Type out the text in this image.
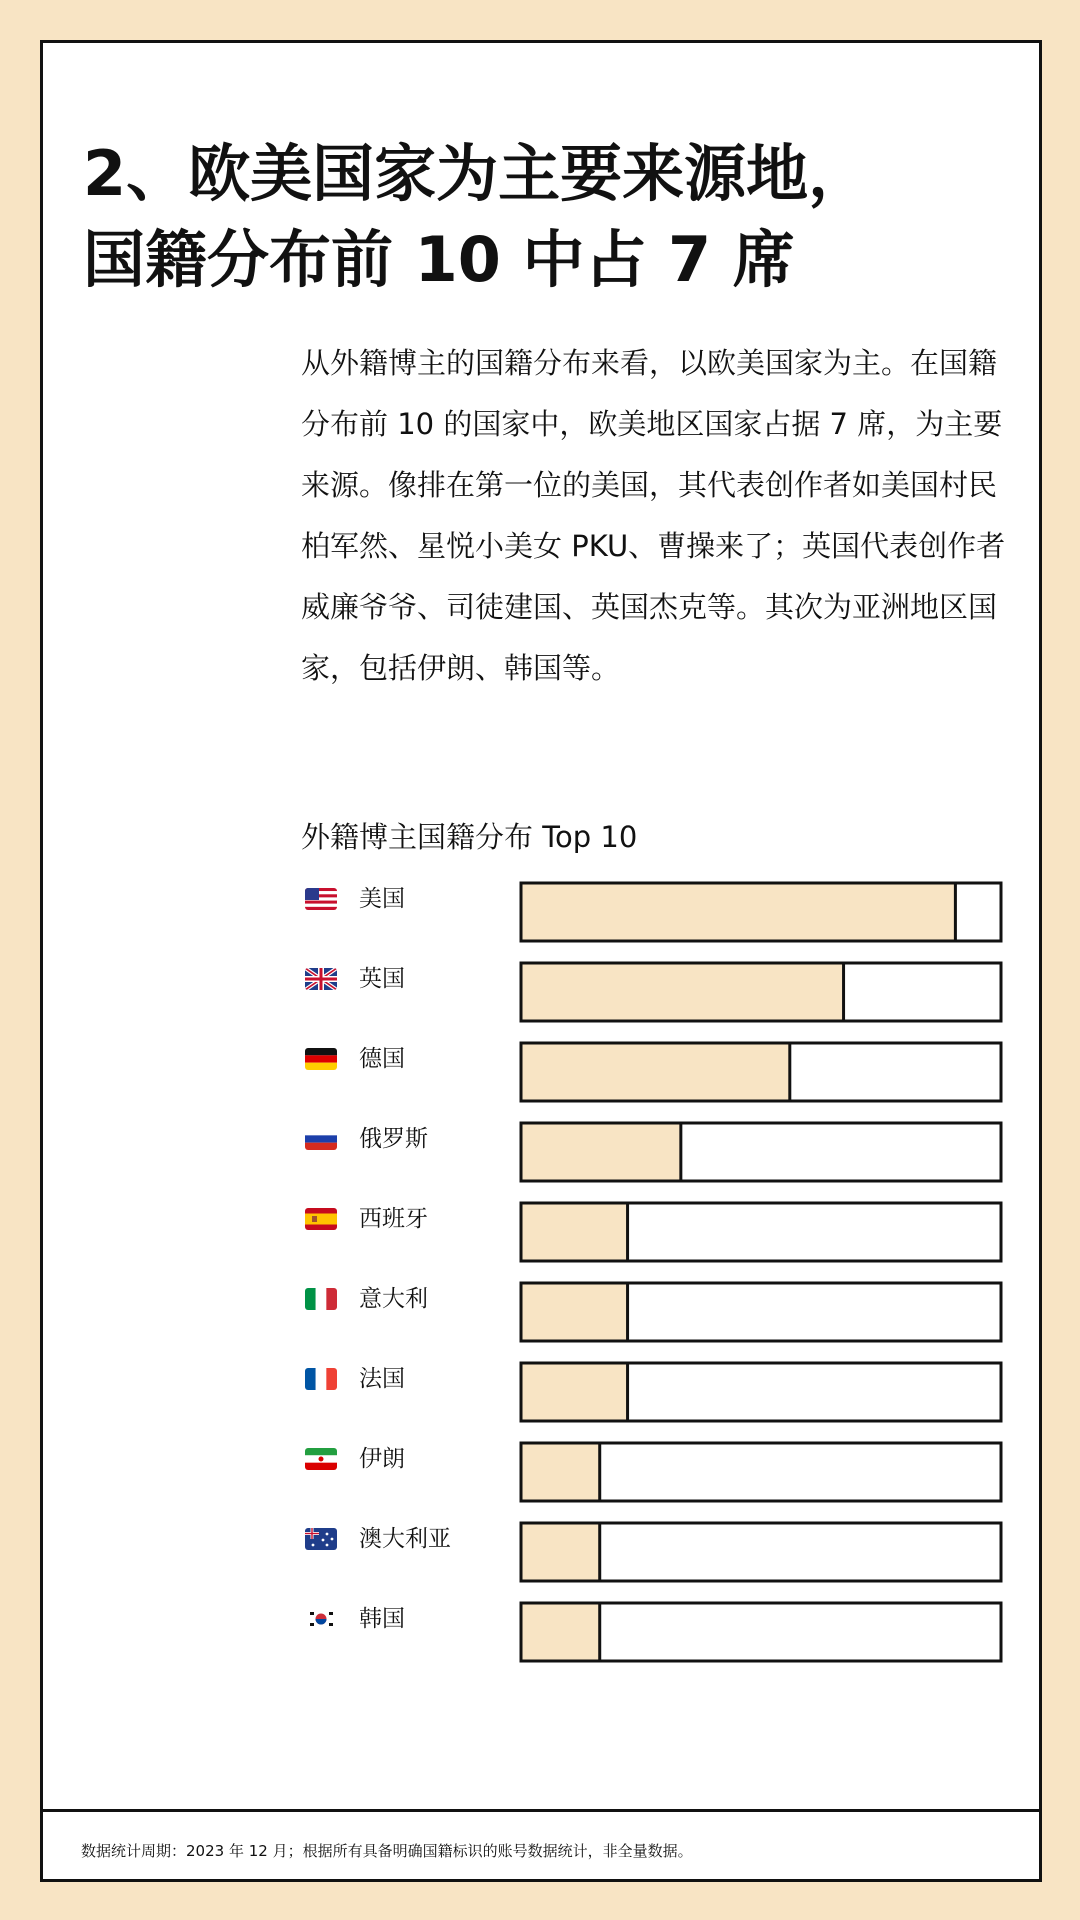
2、欧美国家为主要来源地，
国籍分布前 10 中占 7 席

从外籍博主的国籍分布来看，以欧美国家为主。在国籍分布前 10 的国家中，欧美地区国家占据 7 席，为主要来源。像排在第一位的美国，其代表创作者如美国村民柏军然、星悦小美女 PKU、曹操来了；英国代表创作者威廉爷爷、司徒建国、英国杰克等。其次为亚洲地区国家，包括伊朗、韩国等。

外籍博主国籍分布 Top 10
美国
英国
德国
俄罗斯
西班牙
意大利
法国
伊朗
澳大利亚
韩国
数据统计周期：2023 年 12 月；根据所有具备明确国籍标识的账号数据统计，非全量数据。
